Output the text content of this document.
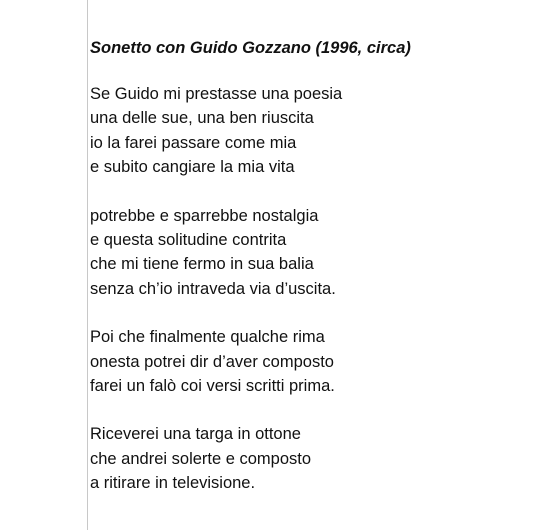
Sonetto con Guido Gozzano (1996, circa)
Se Guido mi prestasse una poesia
una delle sue, una ben riuscita
io la farei passare come mia
e subito cangiare la mia vita
potrebbe e sparrebbe nostalgia
e questa solitudine contrita
che mi tiene fermo in sua balia
senza ch’io intraveda via d’uscita.
Poi che finalmente qualche rima
onesta potrei dir d’aver composto
farei un falò coi versi scritti prima.
Riceverei una targa in ottone
che andrei solerte e composto
a ritirare in televisione.
